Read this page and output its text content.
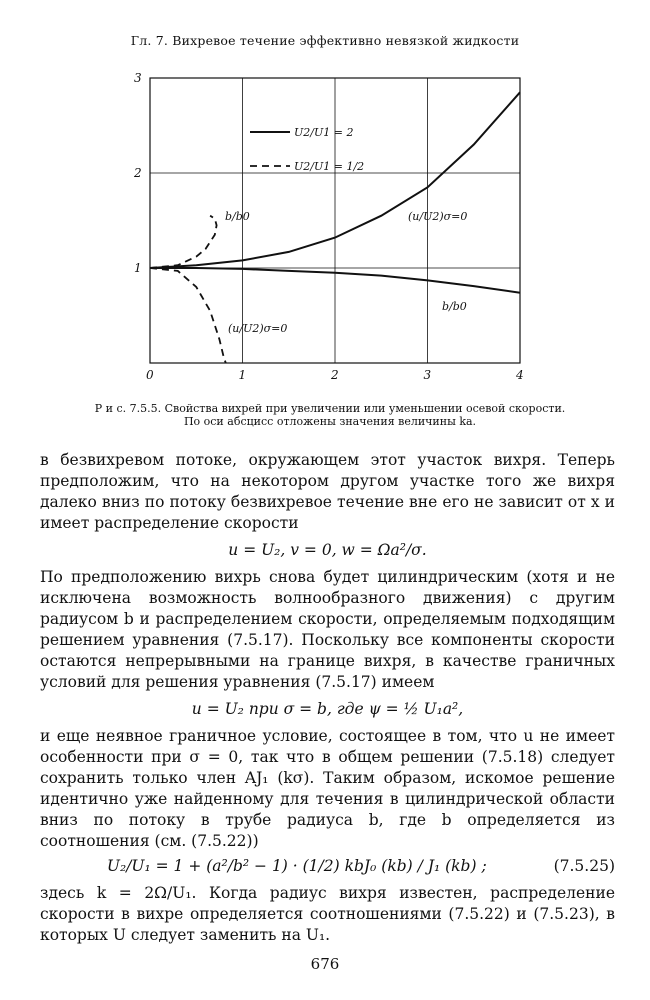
Гл. 7. Вихревое течение эффективно невязкой жидкости
0	1	2	3	4
1
2
3
U2/U1 = 2
U2/U1 = 1/2
b/b0	(u/U2)σ=0
b/b0
(u/U2)σ=0
Р и с. 7.5.5. Свойства вихрей при увеличении или уменьшении осевой скорости.
По оси абсцисс отложены значения величины ka.

в безвихревом потоке, окружающем этот участок вихря. Теперь предположим, что на некотором другом участке того же вихря далеко вниз по потоку безвихревое течение вне его не зависит от x и имеет распределение скорости

u = U₂, v = 0, w = Ωa²/σ.

По предположению вихрь снова будет цилиндрическим (хотя и не исключена возможность волнообразного движения) с другим радиусом b и распределением скорости, определяемым подходящим решением уравнения (7.5.17). Поскольку все компоненты скорости остаются непрерывными на границе вихря, в качестве граничных условий для решения уравнения (7.5.17) имеем

u = U₂ при σ = b, где ψ = ½ U₁a²,

и еще неявное граничное условие, состоящее в том, что u не имеет особенности при σ = 0, так что в общем решении (7.5.18) следует сохранить только член AJ₁ (kσ). Таким образом, искомое решение идентично уже найденному для течения в цилиндрической области вниз по потоку в трубе радиуса b, где b определяется из соотношения (см. (7.5.22))

U₂/U₁ = 1 + (a²/b² − 1) · (1/2) kbJ₀ (kb) / J₁ (kb) ;	(7.5.25)

здесь k = 2Ω/U₁. Когда радиус вихря известен, распределение скорости в вихре определяется соотношениями (7.5.22) и (7.5.23), в которых U следует заменить на U₁.

676
